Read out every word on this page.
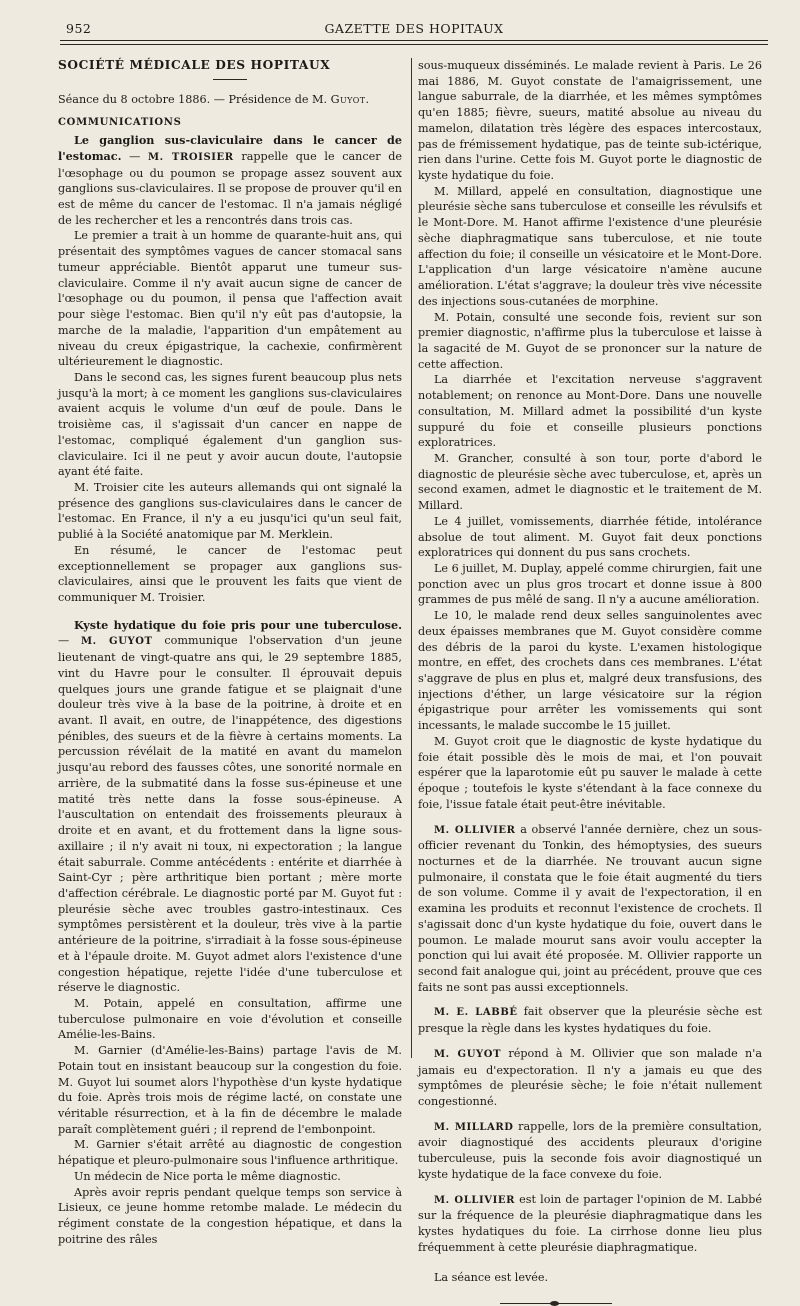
952	GAZETTE DES HOPITAUX

SOCIÉTÉ MÉDICALE DES HOPITAUX

Séance du 8 octobre 1886. — Présidence de M. Guyot.

COMMUNICATIONS

Le ganglion sus-claviculaire dans le cancer de l'estomac. — M. TROISIER rappelle que le cancer de l'œsophage ou du poumon se propage assez souvent aux ganglions sus-claviculaires. Il se propose de prouver qu'il en est de même du cancer de l'estomac. Il n'a jamais négligé de les rechercher et les a rencontrés dans trois cas.

Le premier a trait à un homme de quarante-huit ans, qui présentait des symptômes vagues de cancer stomacal sans tumeur appréciable. Bientôt apparut une tumeur sus-claviculaire. Comme il n'y avait aucun signe de cancer de l'œsophage ou du poumon, il pensa que l'affection avait pour siège l'estomac. Bien qu'il n'y eût pas d'autopsie, la marche de la maladie, l'apparition d'un empâtement au niveau du creux épigastrique, la cachexie, confirmèrent ultérieurement le diagnostic.

Dans le second cas, les signes furent beaucoup plus nets jusqu'à la mort; à ce moment les ganglions sus-claviculaires avaient acquis le volume d'un œuf de poule. Dans le troisième cas, il s'agissait d'un cancer en nappe de l'estomac, compliqué également d'un ganglion sus-claviculaire. Ici il ne peut y avoir aucun doute, l'autopsie ayant été faite.

M. Troisier cite les auteurs allemands qui ont signalé la présence des ganglions sus-claviculaires dans le cancer de l'estomac. En France, il n'y a eu jusqu'ici qu'un seul fait, publié à la Société anatomique par M. Merklein.

En résumé, le cancer de l'estomac peut exceptionnellement se propager aux ganglions sus-claviculaires, ainsi que le prouvent les faits que vient de communiquer M. Troisier.

Kyste hydatique du foie pris pour une tuberculose. — M. GUYOT communique l'observation d'un jeune lieutenant de vingt-quatre ans qui, le 29 septembre 1885, vint du Havre pour le consulter. Il éprouvait depuis quelques jours une grande fatigue et se plaignait d'une douleur très vive à la base de la poitrine, à droite et en avant. Il avait, en outre, de l'inappétence, des digestions pénibles, des sueurs et de la fièvre à certains moments. La percussion révélait de la matité en avant du mamelon jusqu'au rebord des fausses côtes, une sonorité normale en arrière, de la submatité dans la fosse sus-épineuse et une matité très nette dans la fosse sous-épineuse. A l'auscultation on entendait des froissements pleuraux à droite et en avant, et du frottement dans la ligne sous-axillaire ; il n'y avait ni toux, ni expectoration ; la langue était saburrale. Comme antécédents : entérite et diarrhée à Saint-Cyr ; père arthritique bien portant ; mère morte d'affection cérébrale. Le diagnostic porté par M. Guyot fut : pleurésie sèche avec troubles gastro-intestinaux. Ces symptômes persistèrent et la douleur, très vive à la partie antérieure de la poitrine, s'irradiait à la fosse sous-épineuse et à l'épaule droite. M. Guyot admet alors l'existence d'une congestion hépatique, rejette l'idée d'une tuberculose et réserve le diagnostic.

M. Potain, appelé en consultation, affirme une tuberculose pulmonaire en voie d'évolution et conseille Amélie-les-Bains.

M. Garnier (d'Amélie-les-Bains) partage l'avis de M. Potain tout en insistant beaucoup sur la congestion du foie. M. Guyot lui soumet alors l'hypothèse d'un kyste hydatique du foie. Après trois mois de régime lacté, on constate une véritable résurrection, et à la fin de décembre le malade paraît complètement guéri ; il reprend de l'embonpoint.

M. Garnier s'était arrêté au diagnostic de congestion hépatique et pleuro-pulmonaire sous l'influence arthritique.

Un médecin de Nice porta le même diagnostic.

Après avoir repris pendant quelque temps son service à Lisieux, ce jeune homme retombe malade. Le médecin du régiment constate de la congestion hépatique, et dans la poitrine des râles

sous-muqueux disséminés. Le malade revient à Paris. Le 26 mai 1886, M. Guyot constate de l'amaigrissement, une langue saburrale, de la diarrhée, et les mêmes symptômes qu'en 1885; fièvre, sueurs, matité absolue au niveau du mamelon, dilatation très légère des espaces intercostaux, pas de frémissement hydatique, pas de teinte sub-ictérique, rien dans l'urine. Cette fois M. Guyot porte le diagnostic de kyste hydatique du foie.

M. Millard, appelé en consultation, diagnostique une pleurésie sèche sans tuberculose et conseille les révulsifs et le Mont-Dore. M. Hanot affirme l'existence d'une pleurésie sèche diaphragmatique sans tuberculose, et nie toute affection du foie; il conseille un vésicatoire et le Mont-Dore. L'application d'un large vésicatoire n'amène aucune amélioration. L'état s'aggrave; la douleur très vive nécessite des injections sous-cutanées de morphine.

M. Potain, consulté une seconde fois, revient sur son premier diagnostic, n'affirme plus la tuberculose et laisse à la sagacité de M. Guyot de se prononcer sur la nature de cette affection.

La diarrhée et l'excitation nerveuse s'aggravent notablement; on renonce au Mont-Dore. Dans une nouvelle consultation, M. Millard admet la possibilité d'un kyste suppuré du foie et conseille plusieurs ponctions exploratrices.

M. Grancher, consulté à son tour, porte d'abord le diagnostic de pleurésie sèche avec tuberculose, et, après un second examen, admet le diagnostic et le traitement de M. Millard.

Le 4 juillet, vomissements, diarrhée fétide, intolérance absolue de tout aliment. M. Guyot fait deux ponctions exploratrices qui donnent du pus sans crochets.

Le 6 juillet, M. Duplay, appelé comme chirurgien, fait une ponction avec un plus gros trocart et donne issue à 800 grammes de pus mêlé de sang. Il n'y a aucune amélioration.

Le 10, le malade rend deux selles sanguinolentes avec deux épaisses membranes que M. Guyot considère comme des débris de la paroi du kyste. L'examen histologique montre, en effet, des crochets dans ces membranes. L'état s'aggrave de plus en plus et, malgré deux transfusions, des injections d'éther, un large vésicatoire sur la région épigastrique pour arrêter les vomissements qui sont incessants, le malade succombe le 15 juillet.

M. Guyot croit que le diagnostic de kyste hydatique du foie était possible dès le mois de mai, et l'on pouvait espérer que la laparotomie eût pu sauver le malade à cette époque ; toutefois le kyste s'étendant à la face connexe du foie, l'issue fatale était peut-être inévitable.

M. OLLIVIER a observé l'année dernière, chez un sous-officier revenant du Tonkin, des hémoptysies, des sueurs nocturnes et de la diarrhée. Ne trouvant aucun signe pulmonaire, il constata que le foie était augmenté du tiers de son volume. Comme il y avait de l'expectoration, il en examina les produits et reconnut l'existence de crochets. Il s'agissait donc d'un kyste hydatique du foie, ouvert dans le poumon. Le malade mourut sans avoir voulu accepter la ponction qui lui avait été proposée. M. Ollivier rapporte un second fait analogue qui, joint au précédent, prouve que ces faits ne sont pas aussi exceptionnels.

M. E. LABBÉ fait observer que la pleurésie sèche est presque la règle dans les kystes hydatiques du foie.

M. GUYOT répond à M. Ollivier que son malade n'a jamais eu d'expectoration. Il n'y a jamais eu que des symptômes de pleurésie sèche; le foie n'était nullement congestionné.

M. MILLARD rappelle, lors de la première consultation, avoir diagnostiqué des accidents pleuraux d'origine tuberculeuse, puis la seconde fois avoir diagnostiqué un kyste hydatique de la face convexe du foie.

M. OLLIVIER est loin de partager l'opinion de M. Labbé sur la fréquence de la pleurésie diaphragmatique dans les kystes hydatiques du foie. La cirrhose donne lieu plus fréquemment à cette pleurésie diaphragmatique.

La séance est levée.
